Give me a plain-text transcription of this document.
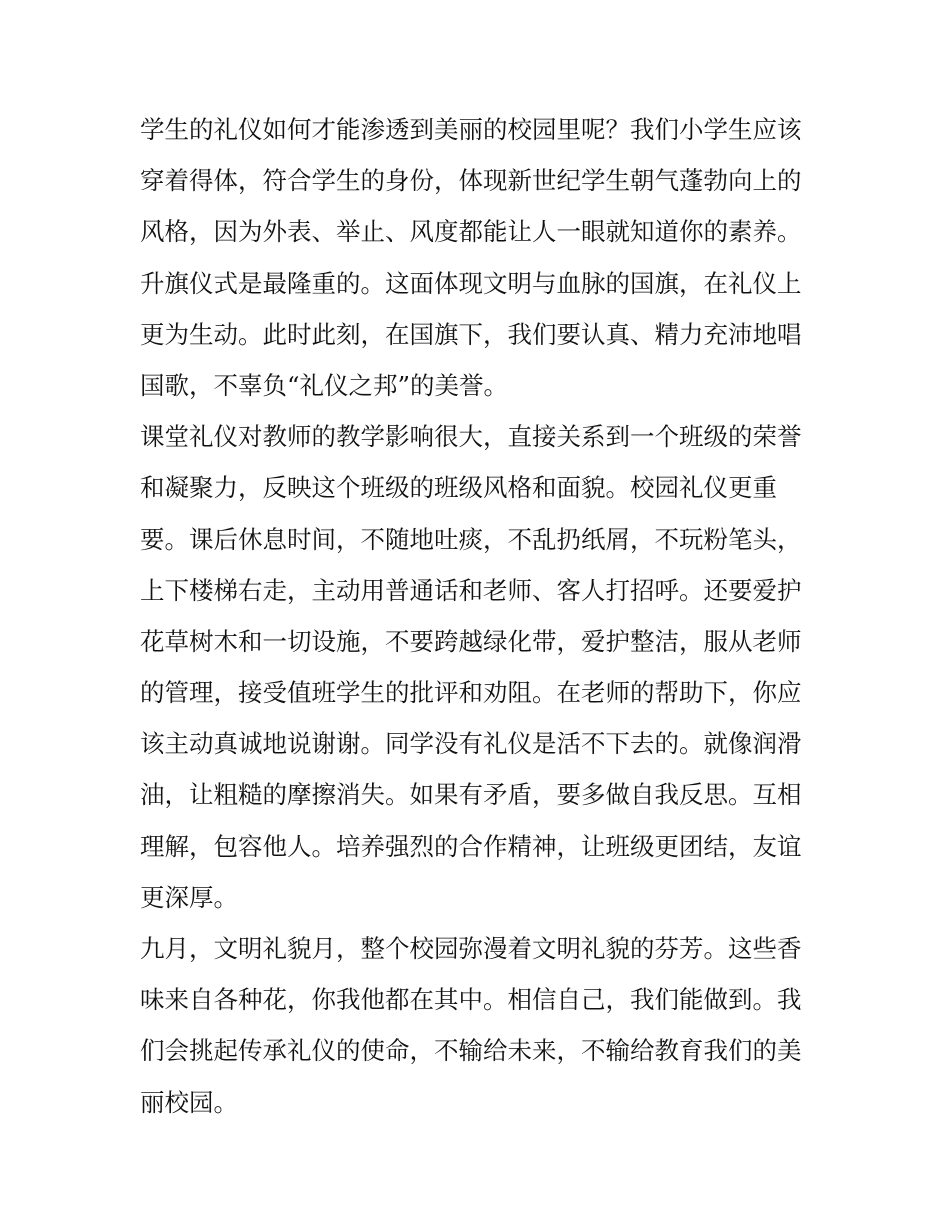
学生的礼仪如何才能渗透到美丽的校园里呢？我们小学生应该
穿着得体，符合学生的身份，体现新世纪学生朝气蓬勃向上的
风格，因为外表、举止、风度都能让人一眼就知道你的素养。
升旗仪式是最隆重的。这面体现文明与血脉的国旗，在礼仪上
更为生动。此时此刻，在国旗下，我们要认真、精力充沛地唱
国歌，不辜负“礼仪之邦”的美誉。
课堂礼仪对教师的教学影响很大，直接关系到一个班级的荣誉
和凝聚力，反映这个班级的班级风格和面貌。校园礼仪更重
要。课后休息时间，不随地吐痰，不乱扔纸屑，不玩粉笔头，
上下楼梯右走，主动用普通话和老师、客人打招呼。还要爱护
花草树木和一切设施，不要跨越绿化带，爱护整洁，服从老师
的管理，接受值班学生的批评和劝阻。在老师的帮助下，你应
该主动真诚地说谢谢。同学没有礼仪是活不下去的。就像润滑
油，让粗糙的摩擦消失。如果有矛盾，要多做自我反思。互相
理解，包容他人。培养强烈的合作精神，让班级更团结，友谊
更深厚。
九月，文明礼貌月，整个校园弥漫着文明礼貌的芬芳。这些香
味来自各种花，你我他都在其中。相信自己，我们能做到。我
们会挑起传承礼仪的使命，不输给未来，不输给教育我们的美
丽校园。
